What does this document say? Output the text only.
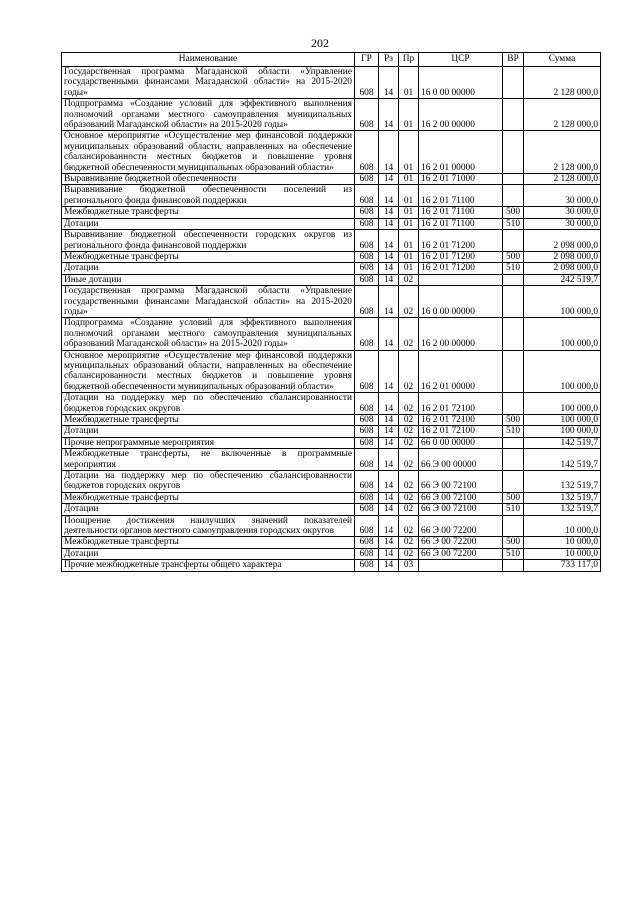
202
Наименование	ГР	Рз	Пр	ЦСР	ВР	Сумма
Государственная программа Магаданской области «Управление государственными финансами Магаданской области» на 2015-2020 годы»	608	14	01	16 0 00 00000		2 128 000,0
Подпрограмма «Создание условий для эффективного выполнения полномочий органами местного самоуправления муниципальных образований Магаданской области» на 2015-2020 годы»	608	14	01	16 2 00 00000		2 128 000,0
Основное мероприятие «Осуществление мер финансовой поддержки муниципальных образований области, направленных на обеспечение сбалансированности местных бюджетов и повышение уровня бюджетной обеспеченности муниципальных образований области»	608	14	01	16 2 01 00000		2 128 000,0
Выравнивание бюджетной обеспеченности	608	14	01	16 2 01 71000		2 128 000,0
Выравнивание бюджетной обеспеченности поселений из регионального фонда финансовой поддержки	608	14	01	16 2 01 71100		30 000,0
Межбюджетные трансферты	608	14	01	16 2 01 71100	500	30 000,0
Дотации	608	14	01	16 2 01 71100	510	30 000,0
Выравнивание бюджетной обеспеченности городских округов из регионального фонда финансовой поддержки	608	14	01	16 2 01 71200		2 098 000,0
Межбюджетные трансферты	608	14	01	16 2 01 71200	500	2 098 000,0
Дотации	608	14	01	16 2 01 71200	510	2 098 000,0
Иные дотации	608	14	02			242 519,7
Государственная программа Магаданской области «Управление государственными финансами Магаданской области» на 2015-2020 годы»	608	14	02	16 0 00 00000		100 000,0
Подпрограмма «Создание условий для эффективного выполнения полномочий органами местного самоуправления муниципальных образований Магаданской области» на 2015-2020 годы»	608	14	02	16 2 00 00000		100 000,0
Основное мероприятие «Осуществление мер финансовой поддержки муниципальных образований области, направленных на обеспечение сбалансированности местных бюджетов и повышение уровня бюджетной обеспеченности муниципальных образований области»	608	14	02	16 2 01 00000		100 000,0
Дотации на поддержку мер по обеспечению сбалансированности бюджетов городских округов	608	14	02	16 2 01 72100		100 000,0
Межбюджетные трансферты	608	14	02	16 2 01 72100	500	100 000,0
Дотации	608	14	02	16 2 01 72100	510	100 000,0
Прочие непрограммные мероприятия	608	14	02	66 0 00 00000		142 519,7
Межбюджетные трансферты, не включенные в программные мероприятия	608	14	02	66 Э 00 00000		142 519,7
Дотации на поддержку мер по обеспечению сбалансированности бюджетов городских округов	608	14	02	66 Э 00 72100		132 519,7
Межбюджетные трансферты	608	14	02	66 Э 00 72100	500	132 519,7
Дотации	608	14	02	66 Э 00 72100	510	132 519,7
Поощрение достижения наилучших значений показателей деятельности органов местного самоуправления городских округов	608	14	02	66 Э 00 72200		10 000,0
Межбюджетные трансферты	608	14	02	66 Э 00 72200	500	10 000,0
Дотации	608	14	02	66 Э 00 72200	510	10 000,0
Прочие межбюджетные трансферты общего характера	608	14	03			733 117,0
